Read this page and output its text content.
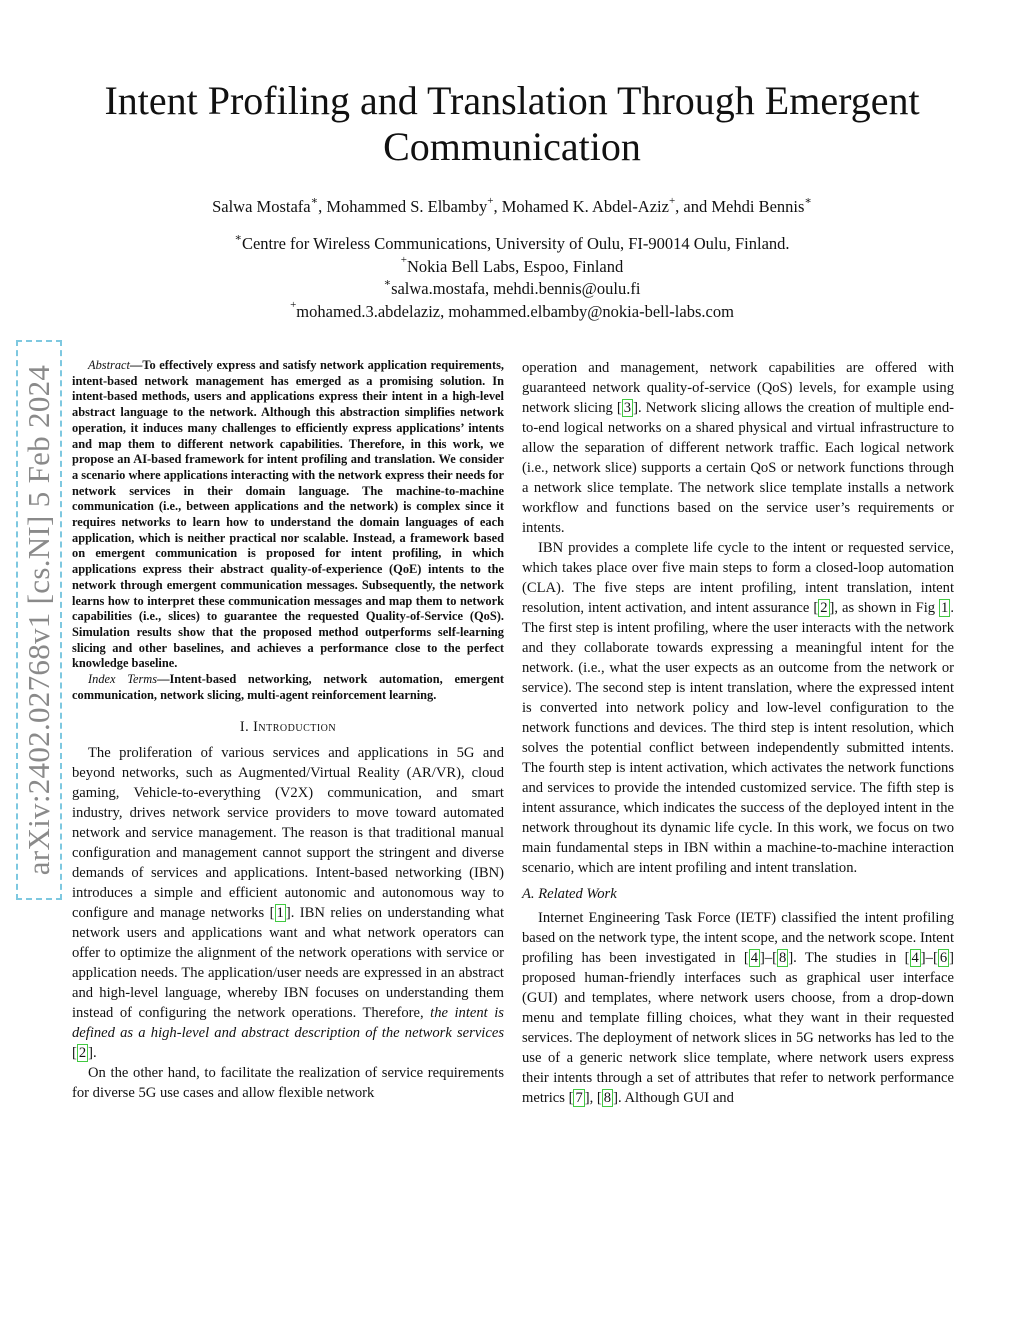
arXiv:2402.02768v1 [cs.NI] 5 Feb 2024
Intent Profiling and Translation Through Emergent Communication
Salwa Mostafa∗, Mohammed S. Elbamby+, Mohamed K. Abdel-Aziz+, and Mehdi Bennis∗
∗Centre for Wireless Communications, University of Oulu, FI-90014 Oulu, Finland.
+Nokia Bell Labs, Espoo, Finland
∗salwa.mostafa, mehdi.bennis@oulu.fi
+mohamed.3.abdelaziz, mohammed.elbamby@nokia-bell-labs.com

Abstract—To effectively express and satisfy network application requirements, intent-based network management has emerged as a promising solution. In intent-based methods, users and applications express their intent in a high-level abstract language to the network. Although this abstraction simplifies network operation, it induces many challenges to efficiently express applications’ intents and map them to different network capabilities. Therefore, in this work, we propose an AI-based framework for intent profiling and translation. We consider a scenario where applications interacting with the network express their needs for network services in their domain language. The machine-to-machine communication (i.e., between applications and the network) is complex since it requires networks to learn how to understand the domain languages of each application, which is neither practical nor scalable. Instead, a framework based on emergent communication is proposed for intent profiling, in which applications express their abstract quality-of-experience (QoE) intents to the network through emergent communication messages. Subsequently, the network learns how to interpret these communication messages and map them to network capabilities (i.e., slices) to guarantee the requested Quality-of-Service (QoS). Simulation results show that the proposed method outperforms self-learning slicing and other baselines, and achieves a performance close to the perfect knowledge baseline.

Index Terms—Intent-based networking, network automation, emergent communication, network slicing, multi-agent reinforcement learning.

I. Introduction

The proliferation of various services and applications in 5G and beyond networks, such as Augmented/Virtual Reality (AR/VR), cloud gaming, Vehicle-to-everything (V2X) communication, and smart industry, drives network service providers to move toward automated network and service management. The reason is that traditional manual configuration and management cannot support the stringent and diverse demands of services and applications. Intent-based networking (IBN) introduces a simple and efficient autonomic and autonomous way to configure and manage networks [ 1 ]. IBN relies on understanding what network users and applications want and what network operators can offer to optimize the alignment of the network operations with service or application needs. The application/user needs are expressed in an abstract and high-level language, whereby IBN focuses on understanding them instead of configuring the network operations. Therefore, the intent is defined as a high-level and abstract description of the network services [ 2 ].

On the other hand, to facilitate the realization of service requirements for diverse 5G use cases and allow flexible network

operation and management, network capabilities are offered with guaranteed network quality-of-service (QoS) levels, for example using network slicing [ 3 ]. Network slicing allows the creation of multiple end-to-end logical networks on a shared physical and virtual infrastructure to allow the separation of different network traffic. Each logical network (i.e., network slice) supports a certain QoS or network functions through a network slice template. The network slice template installs a network workflow and functions based on the service user’s requirements or intents.

IBN provides a complete life cycle to the intent or requested service, which takes place over five main steps to form a closed-loop automation (CLA). The five steps are intent profiling, intent translation, intent resolution, intent activation, and intent assurance [ 2 ], as shown in Fig 1 . The first step is intent profiling, where the user interacts with the network and they collaborate towards expressing a meaningful intent for the network. (i.e., what the user expects as an outcome from the network or service). The second step is intent translation, where the expressed intent is converted into network policy and low-level configuration to the network functions and devices. The third step is intent resolution, which solves the potential conflict between independently submitted intents. The fourth step is intent activation, which activates the network functions and services to provide the intended customized service. The fifth step is intent assurance, which indicates the success of the deployed intent in the network throughout its dynamic life cycle. In this work, we focus on two main fundamental steps in IBN within a machine-to-machine interaction scenario, which are intent profiling and intent translation.

A. Related Work

Internet Engineering Task Force (IETF) classified the intent profiling based on the network type, the intent scope, and the network scope. Intent profiling has been investigated in [ 4 ]–[ 8 ]. The studies in [ 4 ]–[ 6 ] proposed human-friendly interfaces such as graphical user interface (GUI) and templates, where network users choose, from a drop-down menu and template filling choices, what they want in their requested services. The deployment of network slices in 5G networks has led to the use of a generic network slice template, where network users express their intents through a set of attributes that refer to network performance metrics [ 7 ], [ 8 ]. Although GUI and
